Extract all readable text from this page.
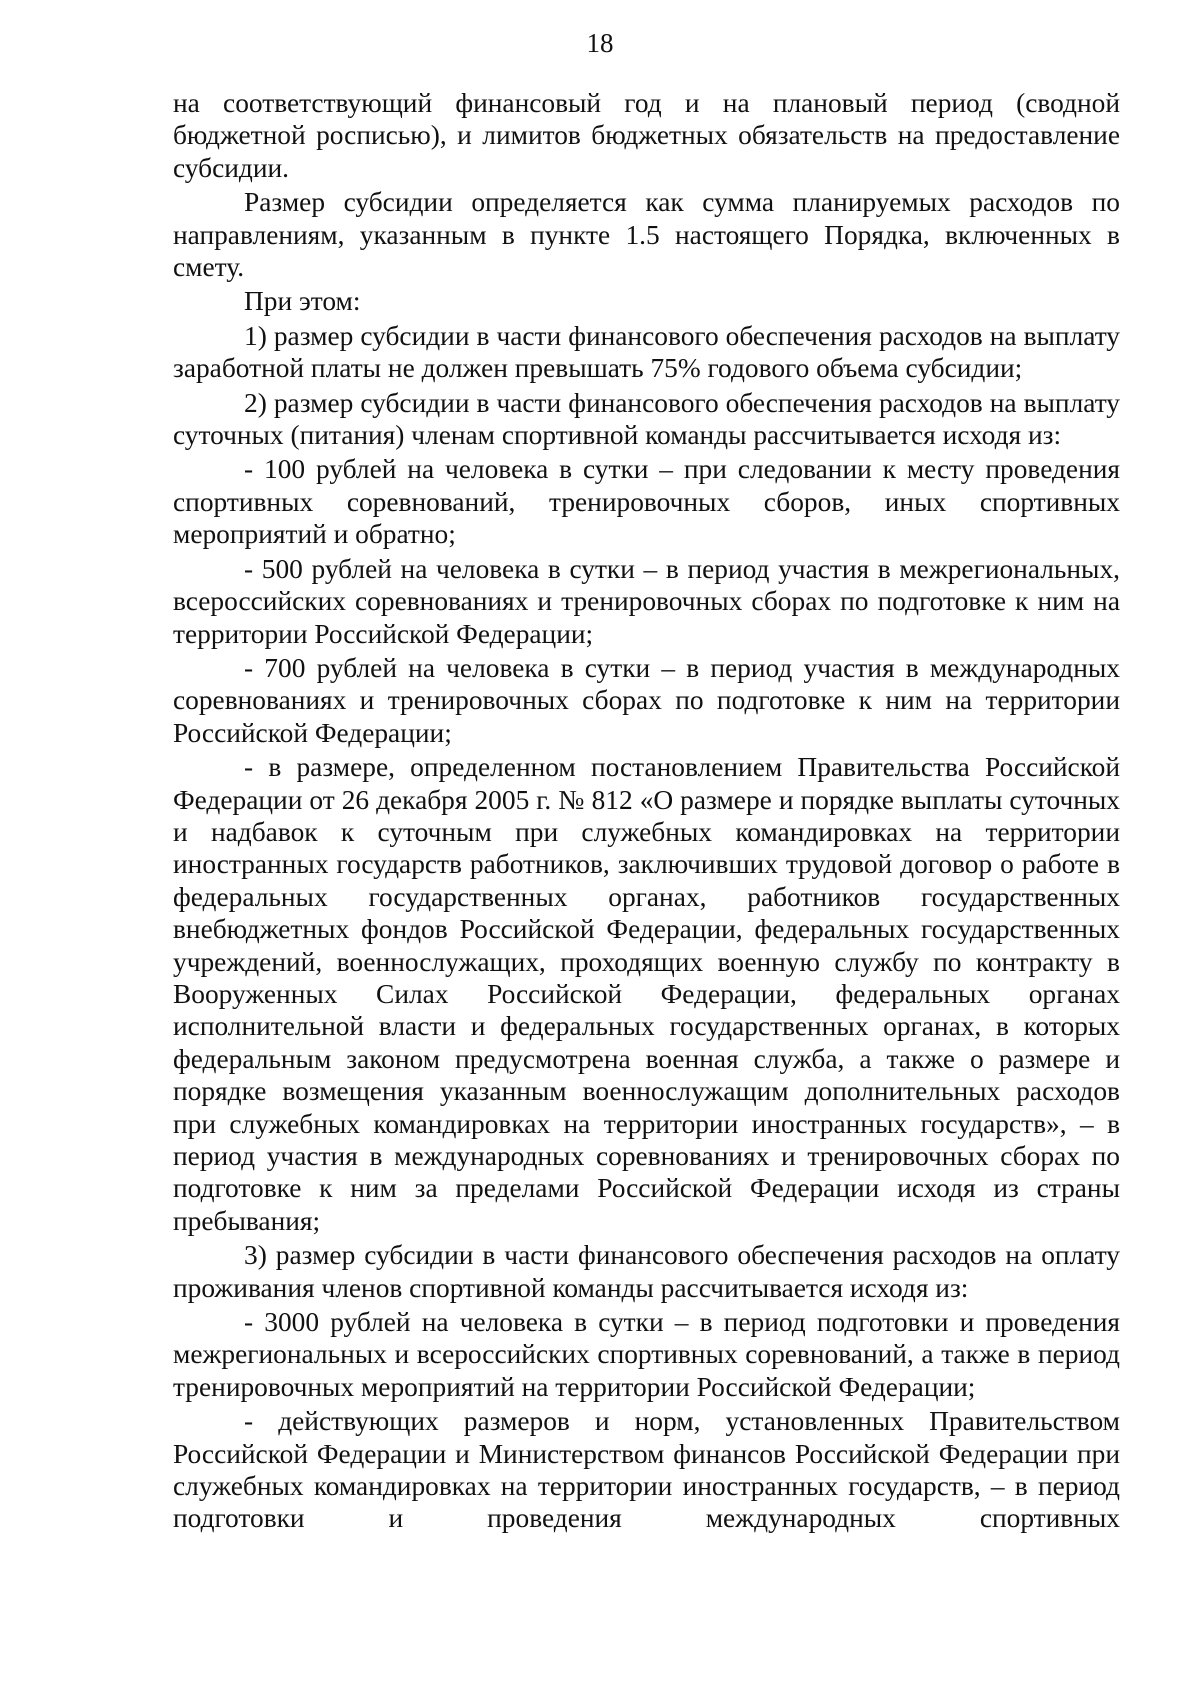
18

на соответствующий финансовый год и на плановый период (сводной бюджетной росписью), и лимитов бюджетных обязательств на предоставление субсидии.

Размер субсидии определяется как сумма планируемых расходов по направлениям, указанным в пункте 1.5 настоящего Порядка, включенных в смету.

При этом:

1) размер субсидии в части финансового обеспечения расходов на выплату заработной платы не должен превышать 75% годового объема субсидии;

2) размер субсидии в части финансового обеспечения расходов на выплату суточных (питания) членам спортивной команды рассчитывается исходя из:

- 100 рублей на человека в сутки – при следовании к месту проведения спортивных соревнований, тренировочных сборов, иных спортивных мероприятий и обратно;

- 500 рублей на человека в сутки – в период участия в межрегиональных, всероссийских соревнованиях и тренировочных сборах по подготовке к ним на территории Российской Федерации;

- 700 рублей на человека в сутки – в период участия в международных соревнованиях и тренировочных сборах по подготовке к ним на территории Российской Федерации;

- в размере, определенном постановлением Правительства Российской Федерации от 26 декабря 2005 г. № 812 «О размере и порядке выплаты суточных и надбавок к суточным при служебных командировках на территории иностранных государств работников, заключивших трудовой договор о работе в федеральных государственных органах, работников государственных внебюджетных фондов Российской Федерации, федеральных государственных учреждений, военнослужащих, проходящих военную службу по контракту в Вооруженных Силах Российской Федерации, федеральных органах исполнительной власти и федеральных государственных органах, в которых федеральным законом предусмотрена военная служба, а также о размере и порядке возмещения указанным военнослужащим дополнительных расходов при служебных командировках на территории иностранных государств», – в период участия в международных соревнованиях и тренировочных сборах по подготовке к ним за пределами Российской Федерации исходя из страны пребывания;

3) размер субсидии в части финансового обеспечения расходов на оплату проживания членов спортивной команды рассчитывается исходя из:

- 3000 рублей на человека в сутки – в период подготовки и проведения межрегиональных и всероссийских спортивных соревнований, а также в период тренировочных мероприятий на территории Российской Федерации;

- действующих размеров и норм, установленных Правительством Российской Федерации и Министерством финансов Российской Федерации при служебных командировках на территории иностранных государств, – в период подготовки и проведения международных спортивных
